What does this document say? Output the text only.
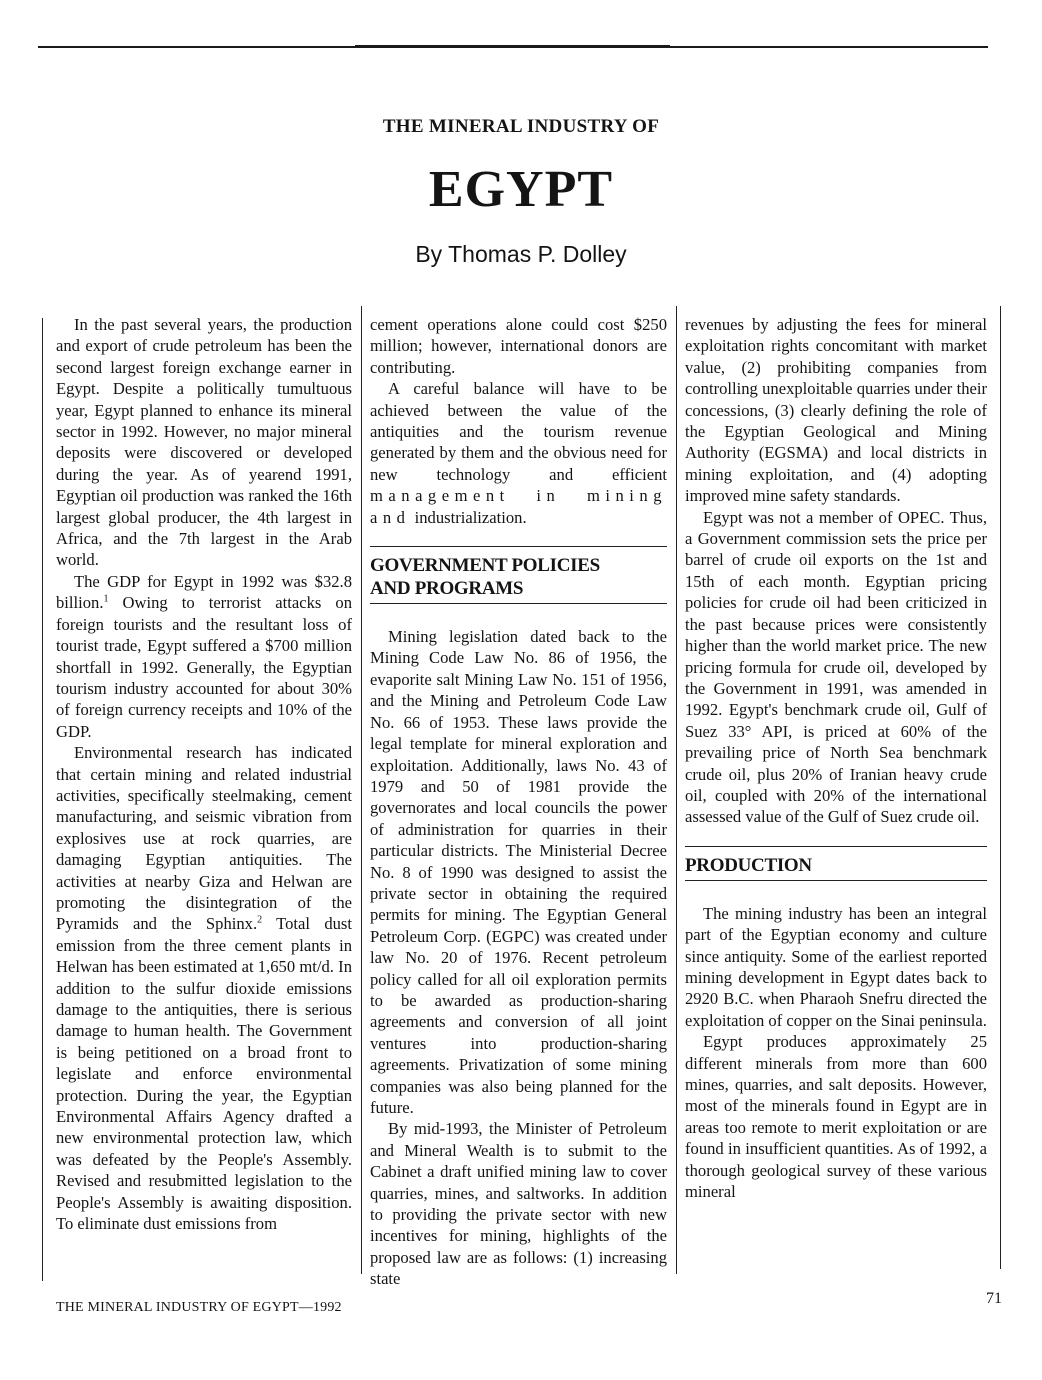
THE MINERAL INDUSTRY OF
EGYPT
By Thomas P. Dolley

In the past several years, the production and export of crude petroleum has been the second largest foreign exchange earner in Egypt. Despite a politically tumultuous year, Egypt planned to enhance its mineral sector in 1992. However, no major mineral deposits were discovered or developed during the year. As of yearend 1991, Egyptian oil production was ranked the 16th largest global producer, the 4th largest in Africa, and the 7th largest in the Arab world.

The GDP for Egypt in 1992 was $32.8 billion.$^1$ Owing to terrorist attacks on foreign tourists and the resultant loss of tourist trade, Egypt suffered a $700 million shortfall in 1992. Generally, the Egyptian tourism industry accounted for about 30% of foreign currency receipts and 10% of the GDP.

Environmental research has indicated that certain mining and related industrial activities, specifically steelmaking, cement manufacturing, and seismic vibration from explosives use at rock quarries, are damaging Egyptian antiquities. The activities at nearby Giza and Helwan are promoting the disintegration of the Pyramids and the Sphinx.$^2$ Total dust emission from the three cement plants in Helwan has been estimated at 1,650 mt/d. In addition to the sulfur dioxide emissions damage to the antiquities, there is serious damage to human health. The Government is being petitioned on a broad front to legislate and enforce environmental protection. During the year, the Egyptian Environmental Affairs Agency drafted a new environmental protection law, which was defeated by the People's Assembly. Revised and resubmitted legislation to the People's Assembly is awaiting disposition. To eliminate dust emissions from

cement operations alone could cost $250 million; however, international donors are contributing.

A careful balance will have to be achieved between the value of the antiquities and the tourism revenue generated by them and the obvious need for new technology and efficient management in mining and industrialization.

GOVERNMENT POLICIES
AND PROGRAMS

Mining legislation dated back to the Mining Code Law No. 86 of 1956, the evaporite salt Mining Law No. 151 of 1956, and the Mining and Petroleum Code Law No. 66 of 1953. These laws provide the legal template for mineral exploration and exploitation. Additionally, laws No. 43 of 1979 and 50 of 1981 provide the governorates and local councils the power of administration for quarries in their particular districts. The Ministerial Decree No. 8 of 1990 was designed to assist the private sector in obtaining the required permits for mining. The Egyptian General Petroleum Corp. (EGPC) was created under law No. 20 of 1976. Recent petroleum policy called for all oil exploration permits to be awarded as production-sharing agreements and conversion of all joint ventures into production-sharing agreements. Privatization of some mining companies was also being planned for the future.

By mid-1993, the Minister of Petroleum and Mineral Wealth is to submit to the Cabinet a draft unified mining law to cover quarries, mines, and saltworks. In addition to providing the private sector with new incentives for mining, highlights of the proposed law are as follows: (1) increasing state

revenues by adjusting the fees for mineral exploitation rights concomitant with market value, (2) prohibiting companies from controlling unexploitable quarries under their concessions, (3) clearly defining the role of the Egyptian Geological and Mining Authority (EGSMA) and local districts in mining exploitation, and (4) adopting improved mine safety standards.

Egypt was not a member of OPEC. Thus, a Government commission sets the price per barrel of crude oil exports on the 1st and 15th of each month. Egyptian pricing policies for crude oil had been criticized in the past because prices were consistently higher than the world market price. The new pricing formula for crude oil, developed by the Government in 1991, was amended in 1992. Egypt's benchmark crude oil, Gulf of Suez 33° API, is priced at 60% of the prevailing price of North Sea benchmark crude oil, plus 20% of Iranian heavy crude oil, coupled with 20% of the international assessed value of the Gulf of Suez crude oil.

PRODUCTION

The mining industry has been an integral part of the Egyptian economy and culture since antiquity. Some of the earliest reported mining development in Egypt dates back to 2920 B.C. when Pharaoh Snefru directed the exploitation of copper on the Sinai peninsula.

Egypt produces approximately 25 different minerals from more than 600 mines, quarries, and salt deposits. However, most of the minerals found in Egypt are in areas too remote to merit exploitation or are found in insufficient quantities. As of 1992, a thorough geological survey of these various mineral

THE MINERAL INDUSTRY OF EGYPT—1992
71
